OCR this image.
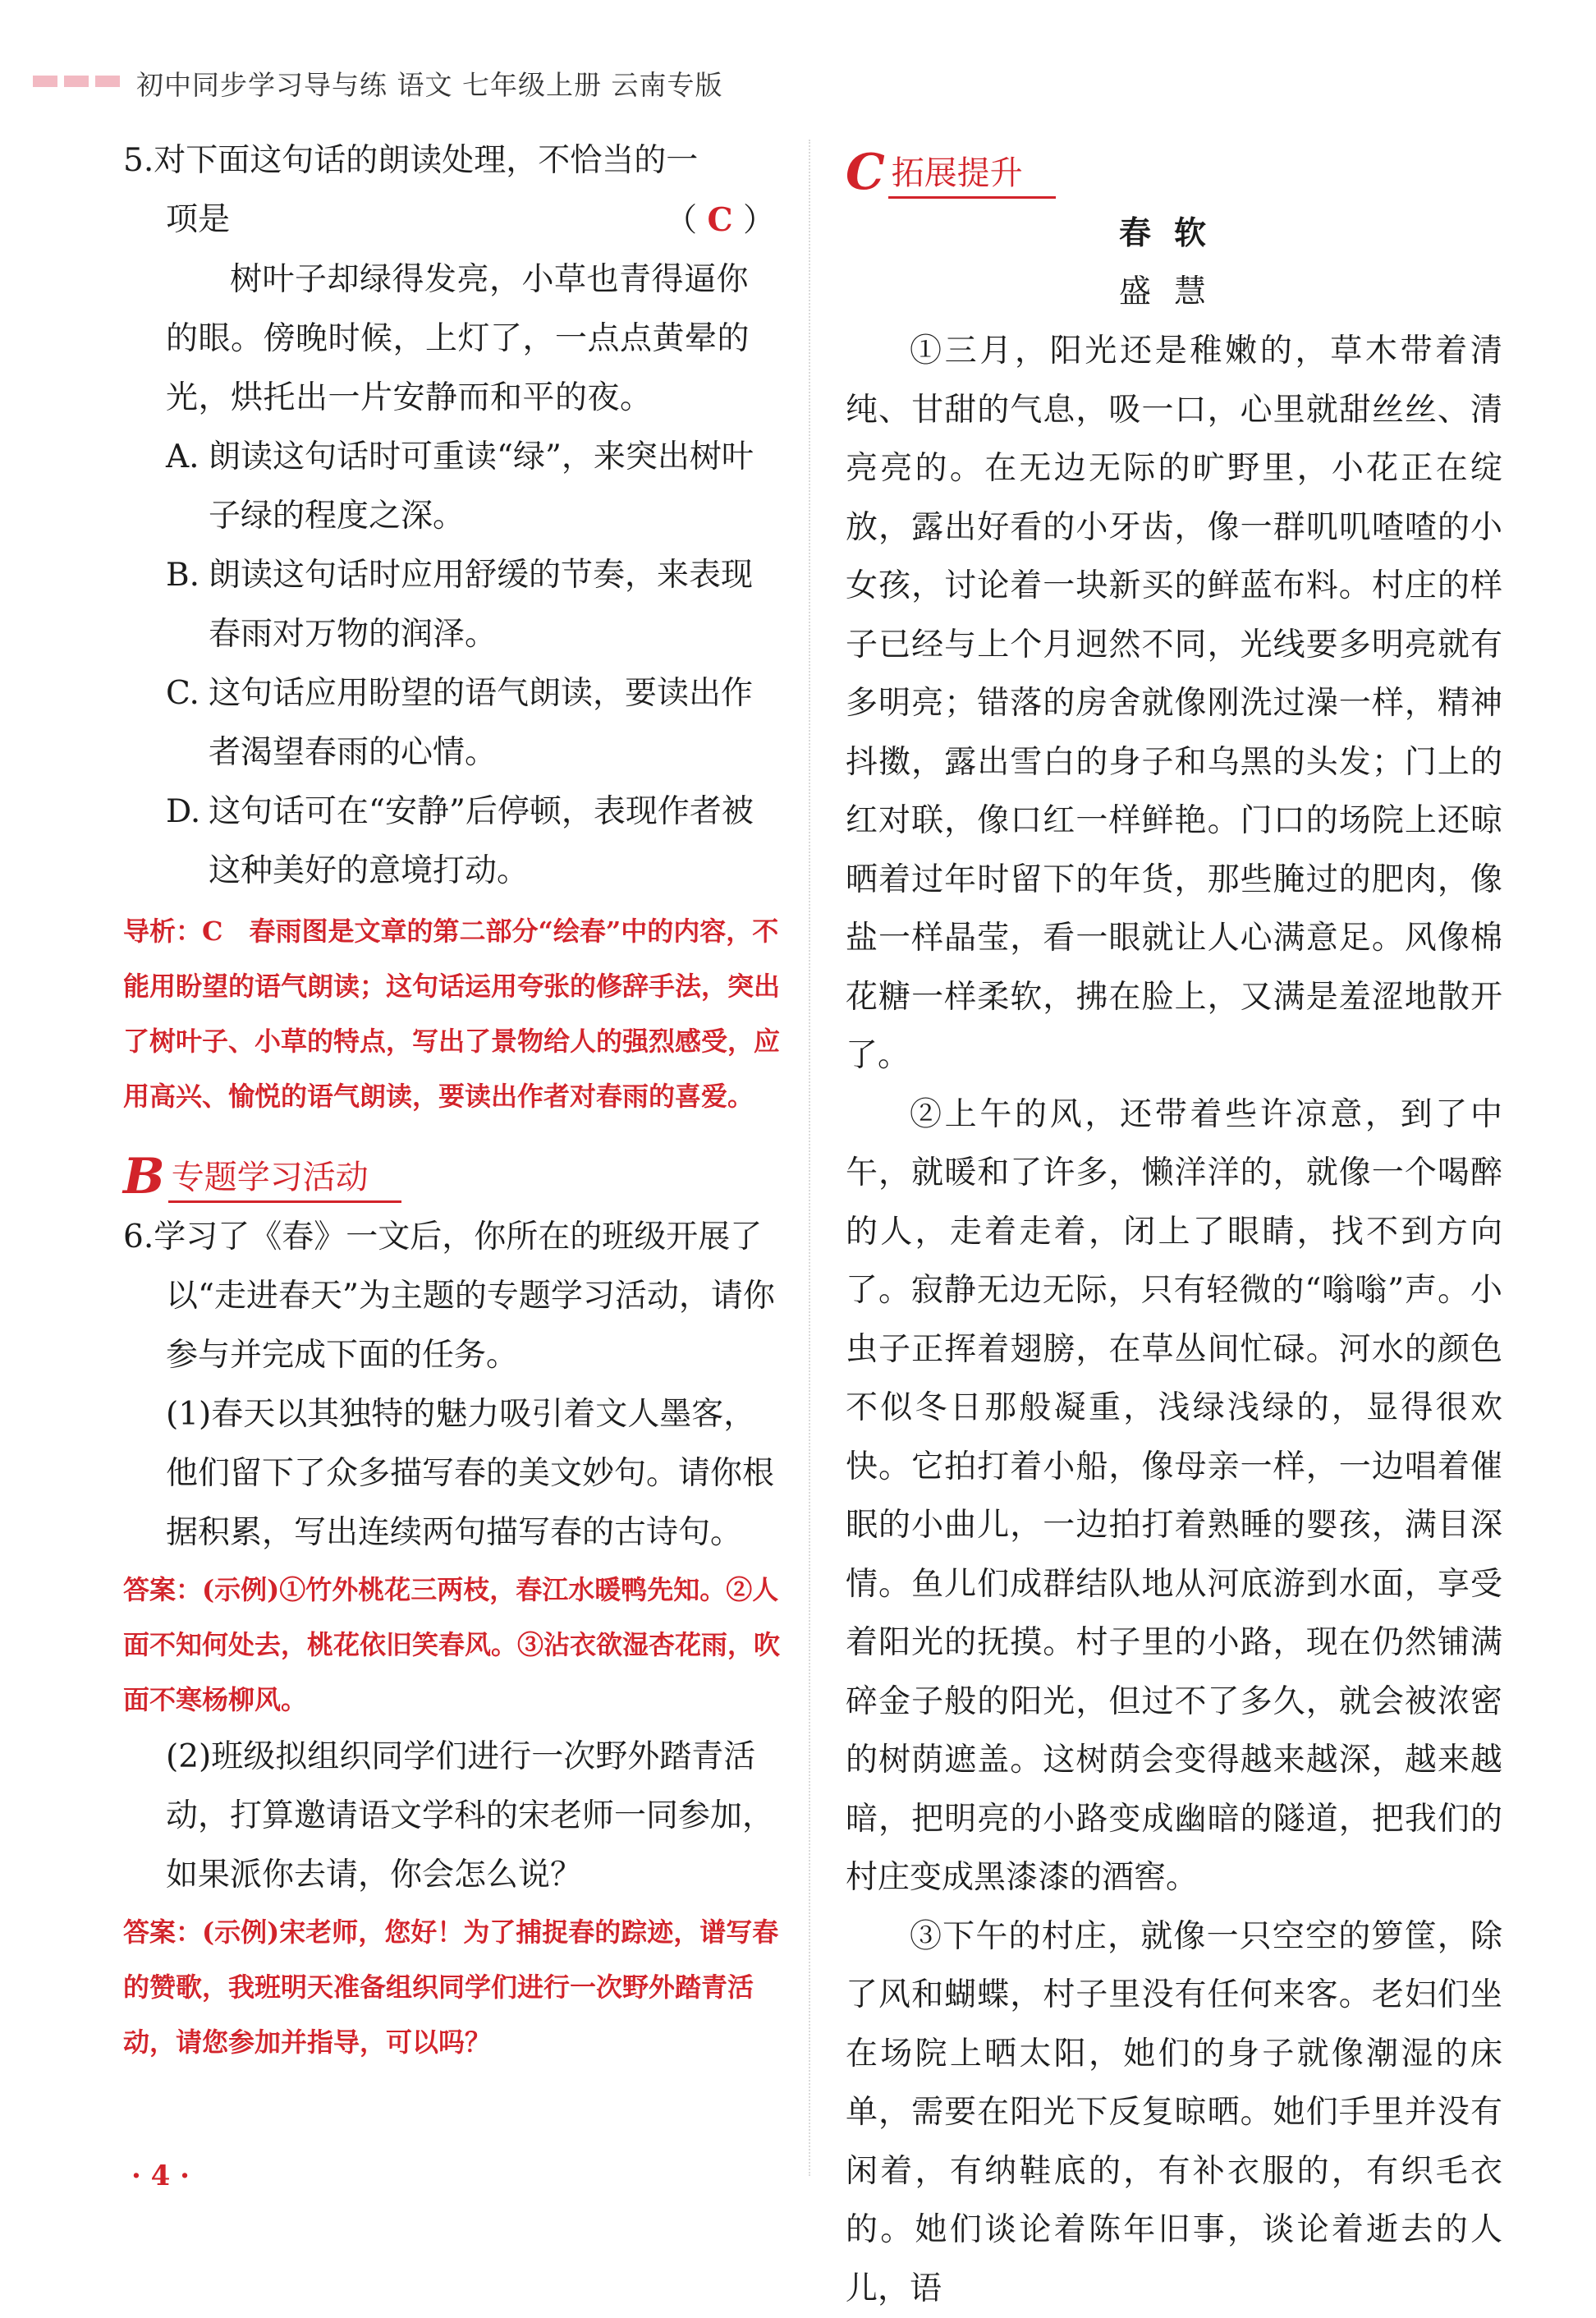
初中同步学习导与练 语文 七年级上册 云南专版
5.对下面这句话的朗读处理，不恰当的一
项是	（ C ）
树叶子却绿得发亮，小草也青得逼你的眼。傍晚时候，上灯了，一点点黄晕的光，烘托出一片安静而和平的夜。
A. 朗读这句话时可重读“绿”，来突出树叶子绿的程度之深。
B. 朗读这句话时应用舒缓的节奏，来表现春雨对万物的润泽。
C. 这句话应用盼望的语气朗读，要读出作者渴望春雨的心情。
D. 这句话可在“安静”后停顿，表现作者被这种美好的意境打动。
导析：C　春雨图是文章的第二部分“绘春”中的内容，不能用盼望的语气朗读；这句话运用夸张的修辞手法，突出了树叶子、小草的特点，写出了景物给人的强烈感受，应用高兴、愉悦的语气朗读，要读出作者对春雨的喜爱。
B 专题学习活动
6.学习了《春》一文后，你所在的班级开展了以“走进春天”为主题的专题学习活动，请你参与并完成下面的任务。
(1)春天以其独特的魅力吸引着文人墨客，他们留下了众多描写春的美文妙句。请你根据积累，写出连续两句描写春的古诗句。
答案：(示例)①竹外桃花三两枝，春江水暖鸭先知。②人面不知何处去，桃花依旧笑春风。③沾衣欲湿杏花雨，吹面不寒杨柳风。
(2)班级拟组织同学们进行一次野外踏青活动，打算邀请语文学科的宋老师一同参加，如果派你去请，你会怎么说？
答案：(示例)宋老师，您好！为了捕捉春的踪迹，谱写春的赞歌，我班明天准备组织同学们进行一次野外踏青活动，请您参加并指导，可以吗？
C 拓展提升
春软
盛慧

①三月，阳光还是稚嫩的，草木带着清纯、甘甜的气息，吸一口，心里就甜丝丝、清亮亮的。在无边无际的旷野里，小花正在绽放，露出好看的小牙齿，像一群叽叽喳喳的小女孩，讨论着一块新买的鲜蓝布料。村庄的样子已经与上个月迥然不同，光线要多明亮就有多明亮；错落的房舍就像刚洗过澡一样，精神抖擞，露出雪白的身子和乌黑的头发；门上的红对联，像口红一样鲜艳。门口的场院上还晾晒着过年时留下的年货，那些腌过的肥肉，像盐一样晶莹，看一眼就让人心满意足。风像棉花糖一样柔软，拂在脸上，又满是羞涩地散开了。

②上午的风，还带着些许凉意，到了中午，就暖和了许多，懒洋洋的，就像一个喝醉的人，走着走着，闭上了眼睛，找不到方向了。寂静无边无际，只有轻微的“嗡嗡”声。小虫子正挥着翅膀，在草丛间忙碌。河水的颜色不似冬日那般凝重，浅绿浅绿的，显得很欢快。它拍打着小船，像母亲一样，一边唱着催眠的小曲儿，一边拍打着熟睡的婴孩，满目深情。鱼儿们成群结队地从河底游到水面，享受着阳光的抚摸。村子里的小路，现在仍然铺满碎金子般的阳光，但过不了多久，就会被浓密的树荫遮盖。这树荫会变得越来越深，越来越暗，把明亮的小路变成幽暗的隧道，把我们的村庄变成黑漆漆的酒窖。

③下午的村庄，就像一只空空的箩筐，除了风和蝴蝶，村子里没有任何来客。老妇们坐在场院上晒太阳，她们的身子就像潮湿的床单，需要在阳光下反复晾晒。她们手里并没有闲着，有纳鞋底的，有补衣服的，有织毛衣的。她们谈论着陈年旧事，谈论着逝去的人儿，语

· 4 ·
